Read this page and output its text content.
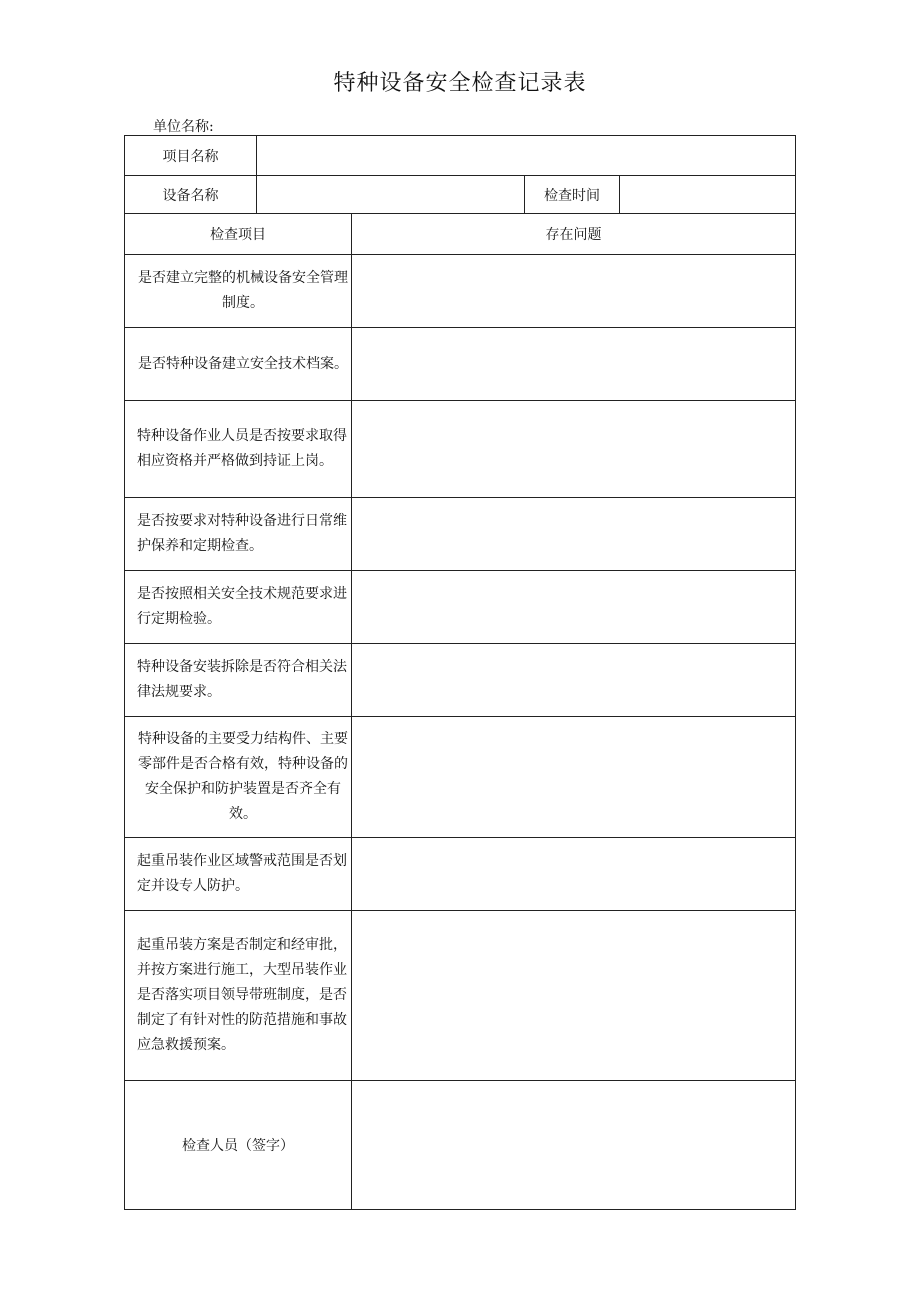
特种设备安全检查记录表
单位名称:
项目名称				
设备名称			检查时间	
检查项目		存在问题		
是否建立完整的机械设备安全管理制度。				
是否特种设备建立安全技术档案。				
特种设备作业人员是否按要求取得相应资格并严格做到持证上岗。				
是否按要求对特种设备进行日常维护保养和定期检查。				
是否按照相关安全技术规范要求进行定期检验。				
特种设备安装拆除是否符合相关法律法规要求。				
特种设备的主要受力结构件、主要零部件是否合格有效，特种设备的安全保护和防护装置是否齐全有效。				
起重吊装作业区域警戒范围是否划定并设专人防护。				
起重吊装方案是否制定和经审批，并按方案进行施工，大型吊装作业是否落实项目领导带班制度，是否制定了有针对性的防范措施和事故应急救援预案。				
检查人员（签字）				
